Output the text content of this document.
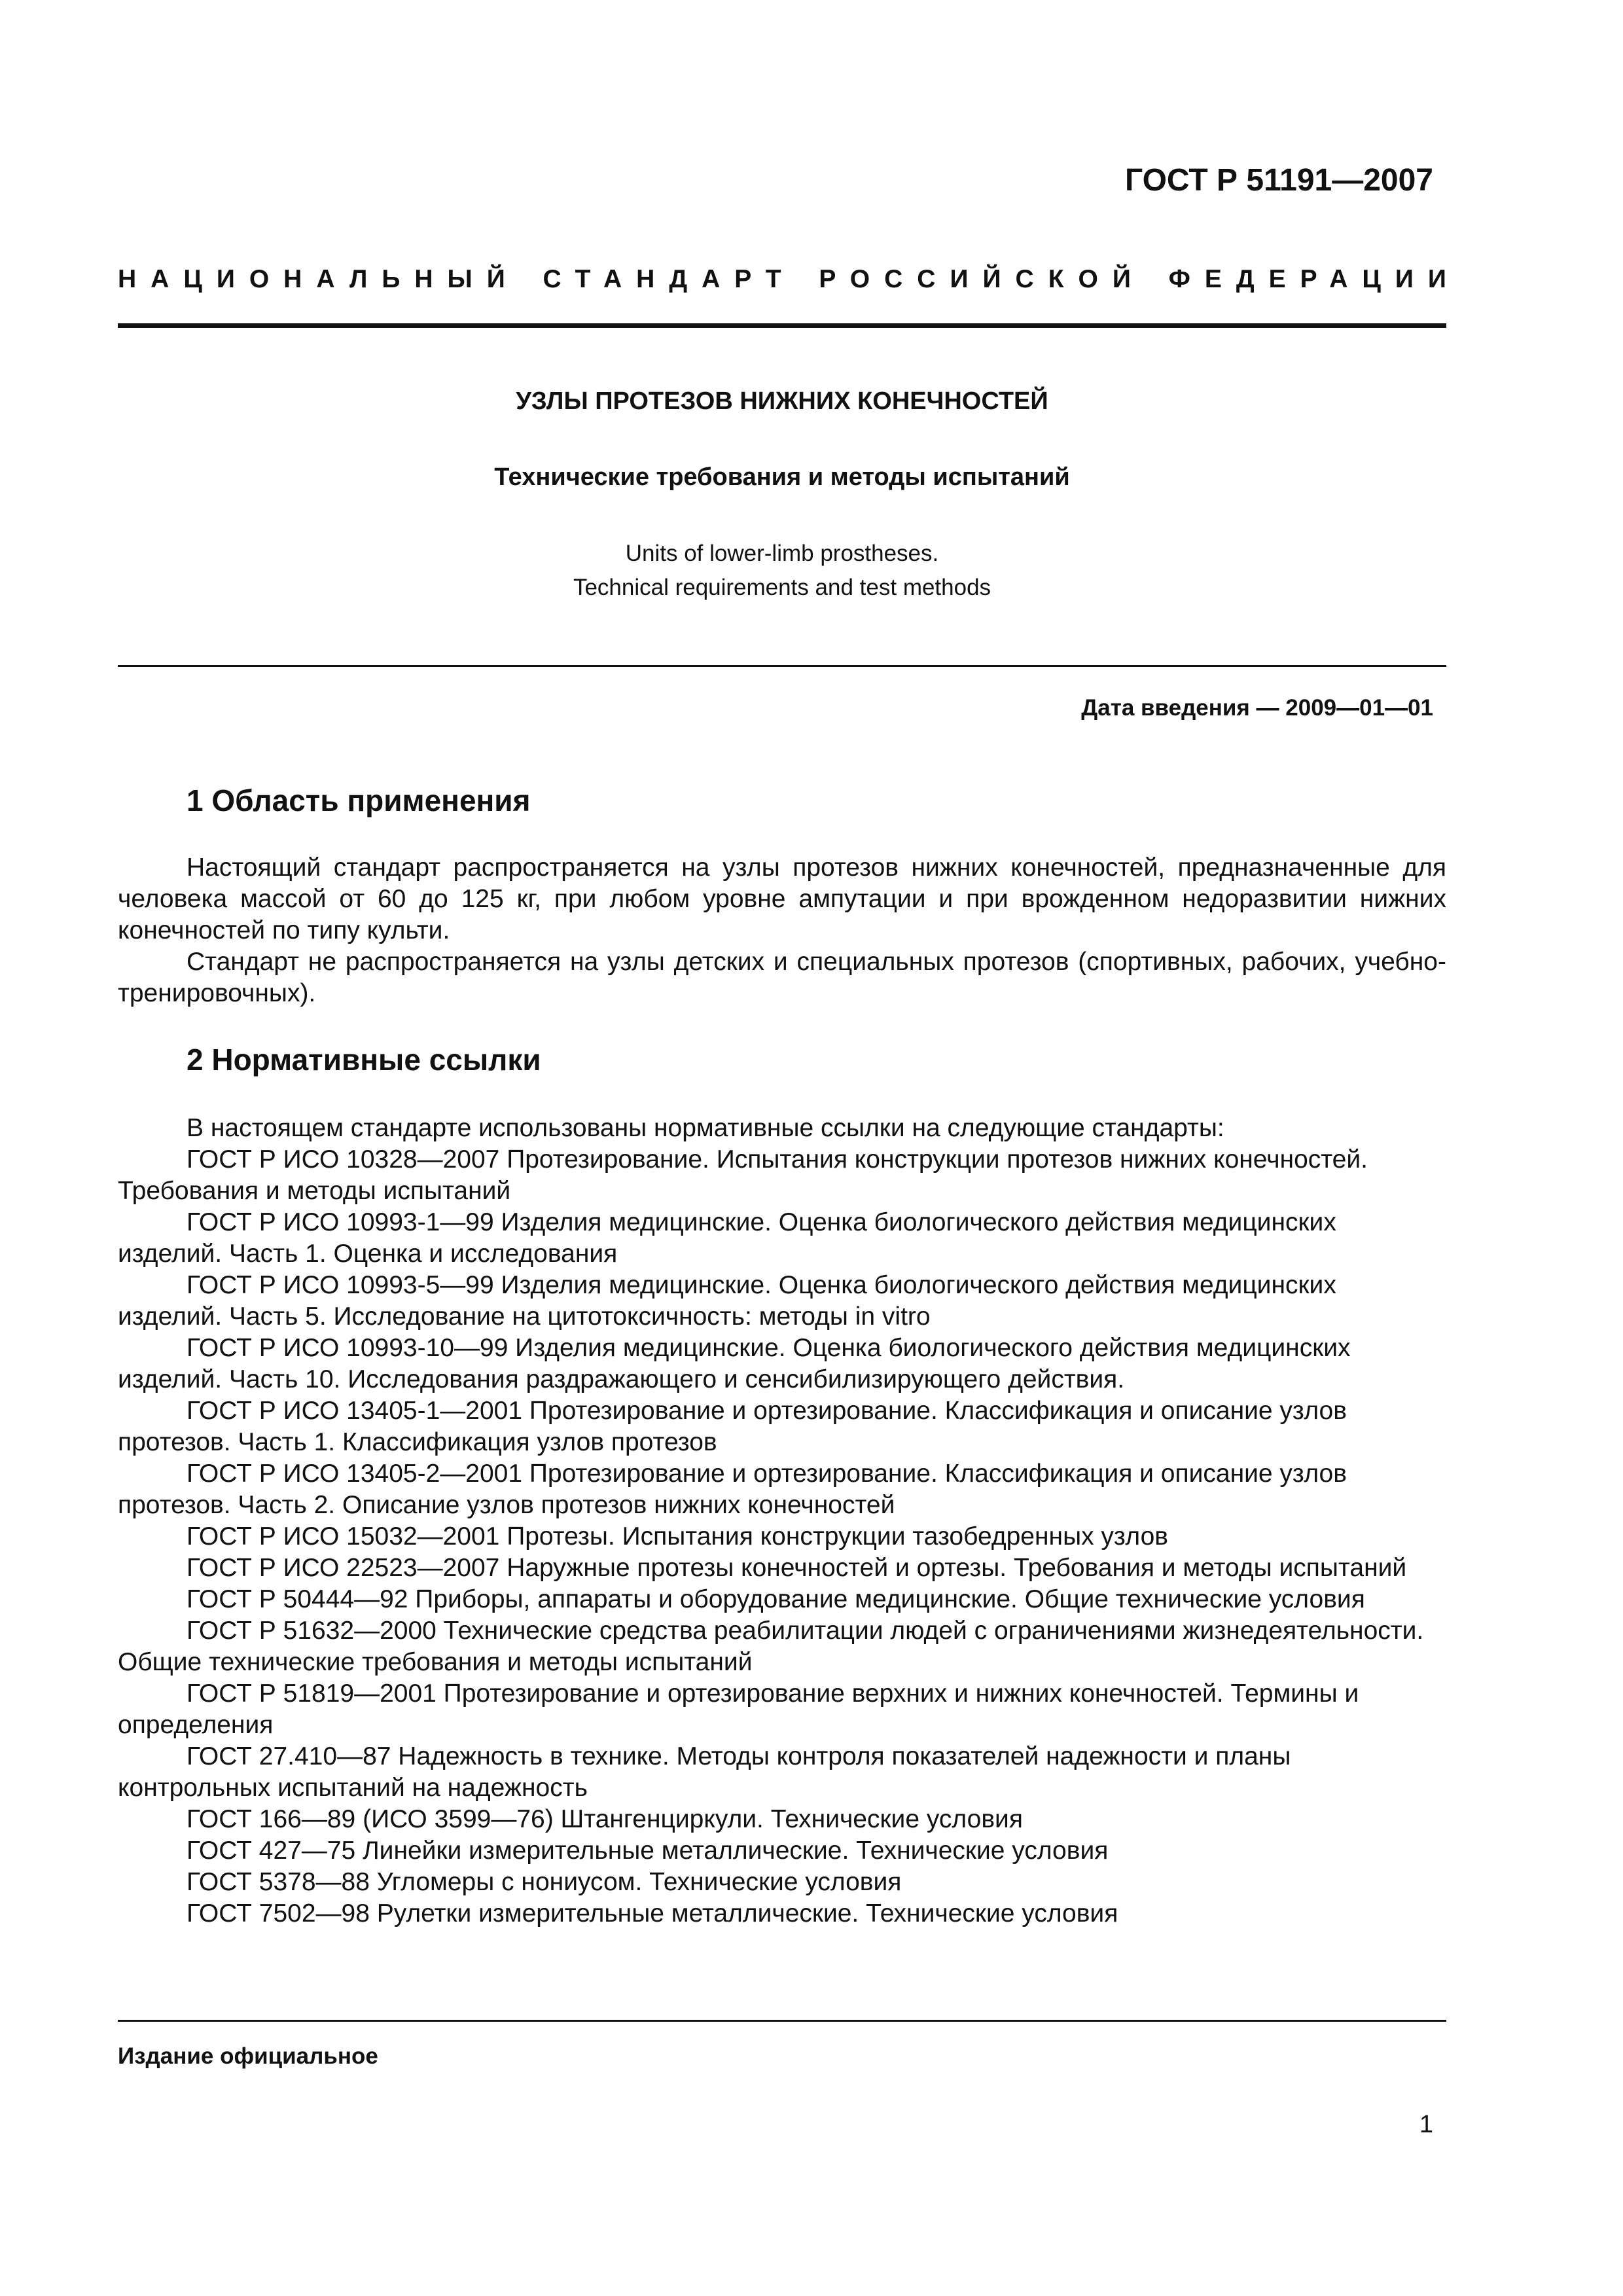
ГОСТ Р 51191—2007
НАЦИОНАЛЬНЫЙ СТАНДАРТ РОССИЙСКОЙ ФЕДЕРАЦИИ
УЗЛЫ ПРОТЕЗОВ НИЖНИХ КОНЕЧНОСТЕЙ
Технические требования и методы испытаний
Units of lower-limb prostheses.
Technical requirements and test methods
Дата введения — 2009—01—01
1 Область применения

Настоящий стандарт распространяется на узлы протезов нижних конечностей, предназначенные для человека массой от 60 до 125 кг, при любом уровне ампутации и при врожденном недоразвитии нижних конечностей по типу культи.

Стандарт не распространяется на узлы детских и специальных протезов (спортивных, рабочих, учебно-тренировочных).

2 Нормативные ссылки

В настоящем стандарте использованы нормативные ссылки на следующие стандарты:

ГОСТ Р ИСО 10328—2007 Протезирование. Испытания конструкции протезов нижних конечностей. Требования и методы испытаний

ГОСТ Р ИСО 10993-1—99 Изделия медицинские. Оценка биологического действия медицинских изделий. Часть 1. Оценка и исследования

ГОСТ Р ИСО 10993-5—99 Изделия медицинские. Оценка биологического действия медицинских изделий. Часть 5. Исследование на цитотоксичность: методы in vitro

ГОСТ Р ИСО 10993-10—99 Изделия медицинские. Оценка биологического действия медицинских изделий. Часть 10. Исследования раздражающего и сенсибилизирующего действия.

ГОСТ Р ИСО 13405-1—2001 Протезирование и ортезирование. Классификация и описание узлов протезов. Часть 1. Классификация узлов протезов

ГОСТ Р ИСО 13405-2—2001 Протезирование и ортезирование. Классификация и описание узлов протезов. Часть 2. Описание узлов протезов нижних конечностей

ГОСТ Р ИСО 15032—2001 Протезы. Испытания конструкции тазобедренных узлов

ГОСТ Р ИСО 22523—2007 Наружные протезы конечностей и ортезы. Требования и методы испытаний

ГОСТ Р 50444—92 Приборы, аппараты и оборудование медицинские. Общие технические условия

ГОСТ Р 51632—2000 Технические средства реабилитации людей с ограничениями жизнедеятельности. Общие технические требования и методы испытаний

ГОСТ Р 51819—2001 Протезирование и ортезирование верхних и нижних конечностей. Термины и определения

ГОСТ 27.410—87 Надежность в технике. Методы контроля показателей надежности и планы контрольных испытаний на надежность

ГОСТ 166—89 (ИСО 3599—76) Штангенциркули. Технические условия

ГОСТ 427—75 Линейки измерительные металлические. Технические условия

ГОСТ 5378—88 Угломеры с нониусом. Технические условия

ГОСТ 7502—98 Рулетки измерительные металлические. Технические условия

Издание официальное
1
